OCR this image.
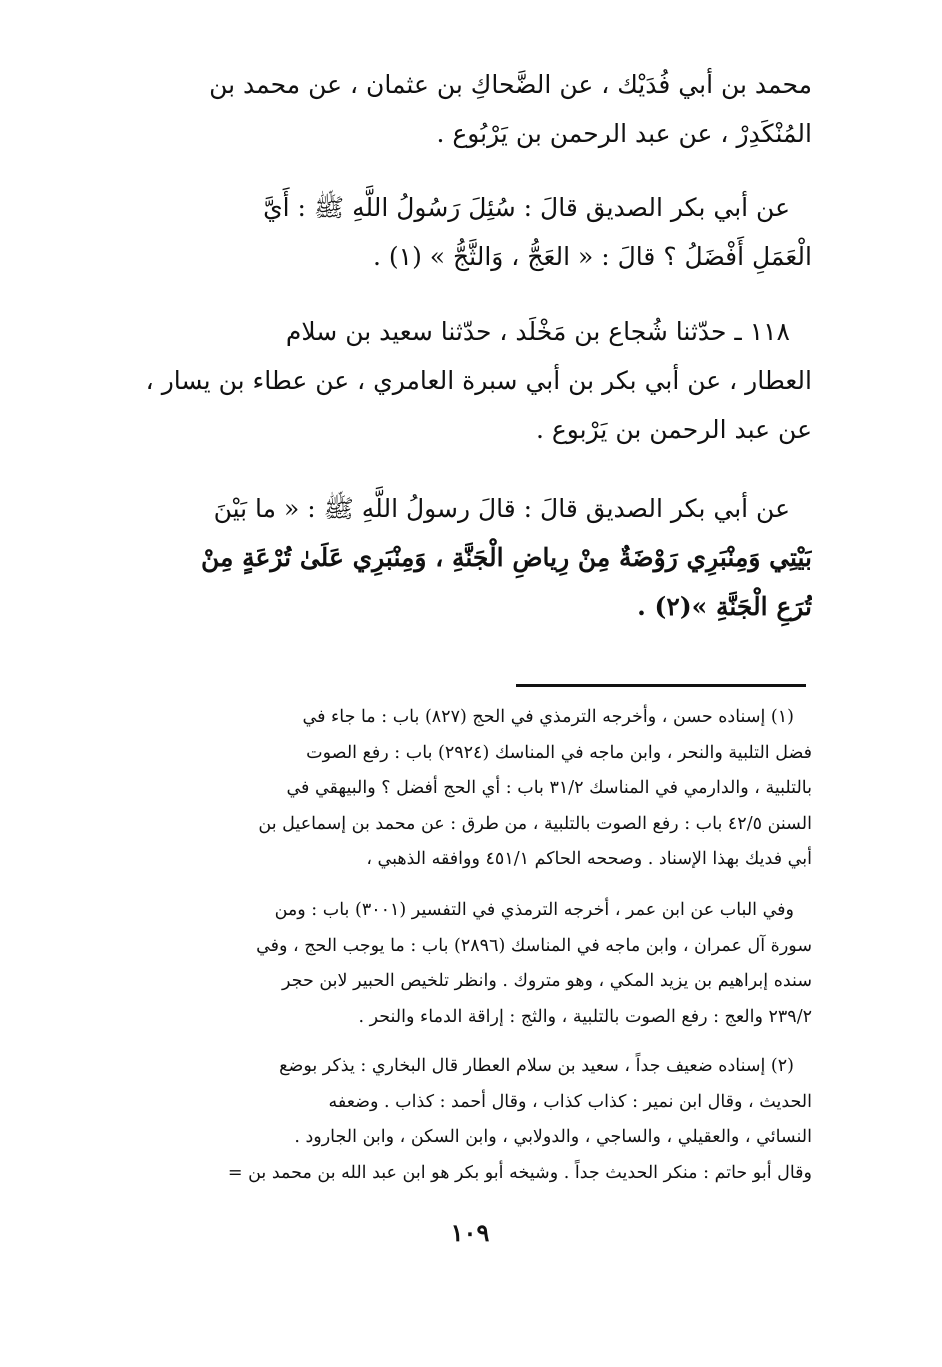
محمد بن أبي فُدَيْك ، عن الضَّحاكِ بن عثمان ، عن محمد بن
المُنْكَدِرْ ، عن عبد الرحمن بن يَرْبُوع .
عن أبي بكر الصديق قالَ : سُئِلَ رَسُولُ اللَّهِ ﷺ : أَيَّ
الْعَمَلِ أَفْضَلُ ؟ قالَ : « العَجُّ ، وَالثَّجُّ » (١) .
١١٨ ـ حدّثنا شُجاع بن مَخْلَد ، حدّثنا سعيد بن سلام
العطار ، عن أبي بكر بن أبي سبرة العامري ، عن عطاء بن يسار ،
عن عبد الرحمن بن يَرْبوع .
عن أبي بكر الصديق قالَ : قالَ رسولُ اللَّهِ ﷺ : « ما بَيْنَ
بَيْتِي وَمِنْبَرِي رَوْضَةٌ مِنْ رِياضِ الْجَنَّةِ ، وَمِنْبَرِي عَلَىٰ تُرْعَةٍ مِنْ
تُرَعِ الْجَنَّةِ »(٢) .
(١) إسناده حسن ، وأخرجه الترمذي في الحج (٨٢٧) باب : ما جاء في
فضل التلبية والنحر ، وابن ماجه في المناسك (٢٩٢٤) باب : رفع الصوت
بالتلبية ، والدارمي في المناسك ٣١/٢ باب : أي الحج أفضل ؟ والبيهقي في
السنن ٤٢/٥ باب : رفع الصوت بالتلبية ، من طرق : عن محمد بن إسماعيل بن
أبي فديك بهذا الإسناد . وصححه الحاكم ٤٥١/١ ووافقه الذهبي ،
وفي الباب عن ابن عمر ، أخرجه الترمذي في التفسير (٣٠٠١) باب : ومن
سورة آل عمران ، وابن ماجه في المناسك (٢٨٩٦) باب : ما يوجب الحج ، وفي
سنده إبراهيم بن يزيد المكي ، وهو متروك . وانظر تلخيص الحبير لابن حجر
٢٣٩/٢ والعج : رفع الصوت بالتلبية ، والثج : إراقة الدماء والنحر .
(٢) إسناده ضعيف جداً ، سعيد بن سلام العطار قال البخاري : يذكر بوضع
الحديث ، وقال ابن نمير : كذاب كذاب ، وقال أحمد : كذاب . وضعفه
النسائي ، والعقيلي ، والساجي ، والدولابي ، وابن السكن ، وابن الجارود .
وقال أبو حاتم : منكر الحديث جداً . وشيخه أبو بكر هو ابن عبد الله بن محمد بن =
١٠٩
